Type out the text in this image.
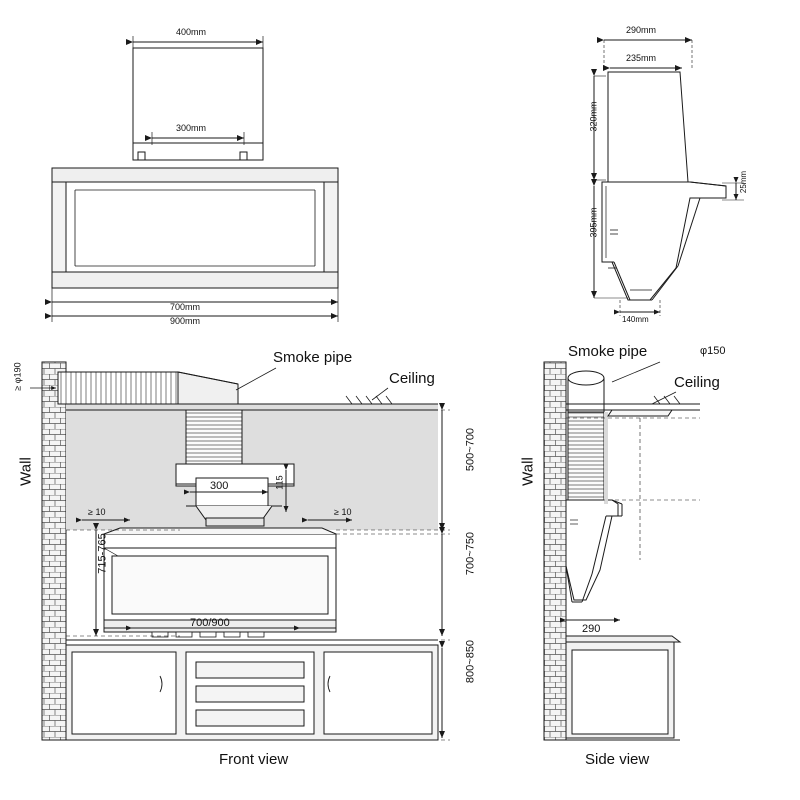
400mm
300mm
700mm
900mm
290mm
235mm
320mm
395mm
25mm
140mm
Smoke pipe
Ceiling
Wall
≥ φ190
300	115
≥ 10	≥ 10
500~700
700~750
800~850
715-765
700/900
Smoke pipe	φ150
Ceiling
Wall
290
Front view	Side view
